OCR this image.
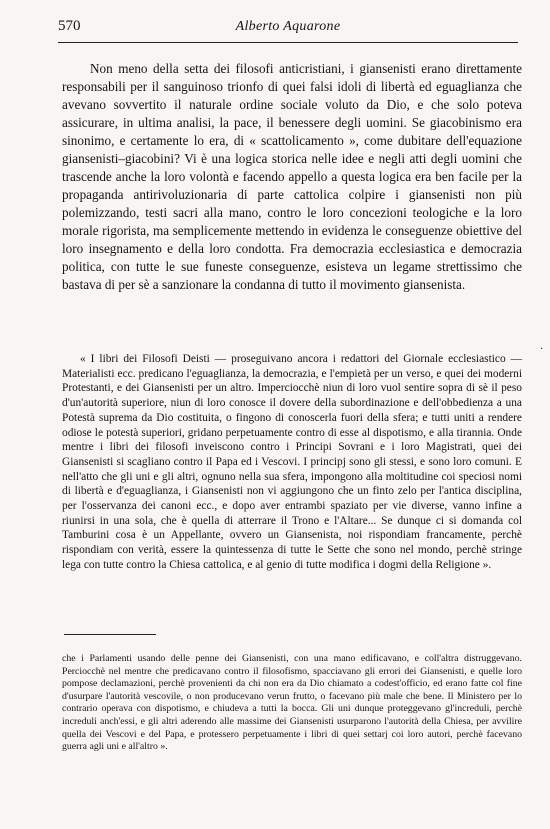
570	Alberto Aquarone

Non meno della setta dei filosofi anticristiani, i giansenisti erano direttamente responsabili per il sanguinoso trionfo di quei falsi idoli di libertà ed eguaglianza che avevano sovvertito il naturale ordine sociale voluto da Dio, e che solo poteva assicurare, in ultima analisi, la pace, il benessere degli uomini. Se giacobinismo era sinonimo, e certamente lo era, di « scattolicamento », come dubitare dell'equazione giansenisti–giacobini? Vi è una logica storica nelle idee e negli atti degli uomini che trascende anche la loro volontà e facendo appello a questa logica era ben facile per la propaganda antirivoluzionaria di parte cattolica colpire i giansenisti non più polemizzando, testi sacri alla mano, contro le loro concezioni teologiche e la loro morale rigorista, ma semplicemente mettendo in evidenza le conseguenze obiettive del loro insegnamento e della loro condotta. Fra democrazia ecclesiastica e democrazia politica, con tutte le sue funeste conseguenze, esisteva un legame strettissimo che bastava di per sè a sanzionare la condanna di tutto il movimento giansenista.

·

« I libri dei Filosofi Deisti — proseguivano ancora i redattori del Giornale ecclesiastico — Materialisti ecc. predicano l'eguaglianza, la democrazia, e l'empietà per un verso, e quei dei moderni Protestanti, e dei Giansenisti per un altro. Imperciocchè niun di loro vuol sentire sopra di sè il peso d'un'autorità superiore, niun di loro conosce il dovere della subordinazione e dell'obbedienza a una Potestà suprema da Dio costituita, o fingono di conoscerla fuori della sfera; e tutti uniti a rendere odiose le potestà superiori, gridano perpetuamente contro di esse al dispotismo, e alla tirannia. Onde mentre i libri dei filosofi inveiscono contro i Principi Sovrani e i loro Magistrati, quei dei Giansenisti si scagliano contro il Papa ed i Vescovi. I principj sono gli stessi, e sono loro comuni. E nell'atto che gli uni e gli altri, ognuno nella sua sfera, impongono alla moltitudine coi speciosi nomi di libertà e d'eguaglianza, i Giansenisti non vi aggiungono che un finto zelo per l'antica disciplina, per l'osservanza dei canoni ecc., e dopo aver entrambi spaziato per vie diverse, vanno infine a riunirsi in una sola, che è quella di atterrare il Trono e l'Altare... Se dunque ci si domanda col Tamburini cosa è un Appellante, ovvero un Giansenista, noi rispondiam francamente, perchè rispondiam con verità, essere la quintessenza di tutte le Sette che sono nel mondo, perchè stringe lega con tutte contro la Chiesa cattolica, e al genio di tutte modifica i dogmi della Religione ».

che i Parlamenti usando delle penne dei Giansenisti, con una mano edificavano, e coll'altra distruggevano. Perciocchè nel mentre che predicavano contro il filosofismo, spacciavano gli errori dei Giansenisti, e quelle loro pompose declamazioni, perchè provenienti da chi non era da Dio chiamato a codest'officio, ed erano fatte col fine d'usurpare l'autorità vescovile, o non producevano verun frutto, o facevano più male che bene. Il Ministero per lo contrario operava con dispotismo, e chiudeva a tutti la bocca. Gli uni dunque proteggevano gl'increduli, perchè increduli anch'essi, e gli altri aderendo alle massime dei Giansenisti usurparono l'autorità della Chiesa, per avvilire quella dei Vescovi e del Papa, e protessero perpetuamente i libri di quei settarj coi loro autori, perchè facevano guerra agli uni e all'altro ».
